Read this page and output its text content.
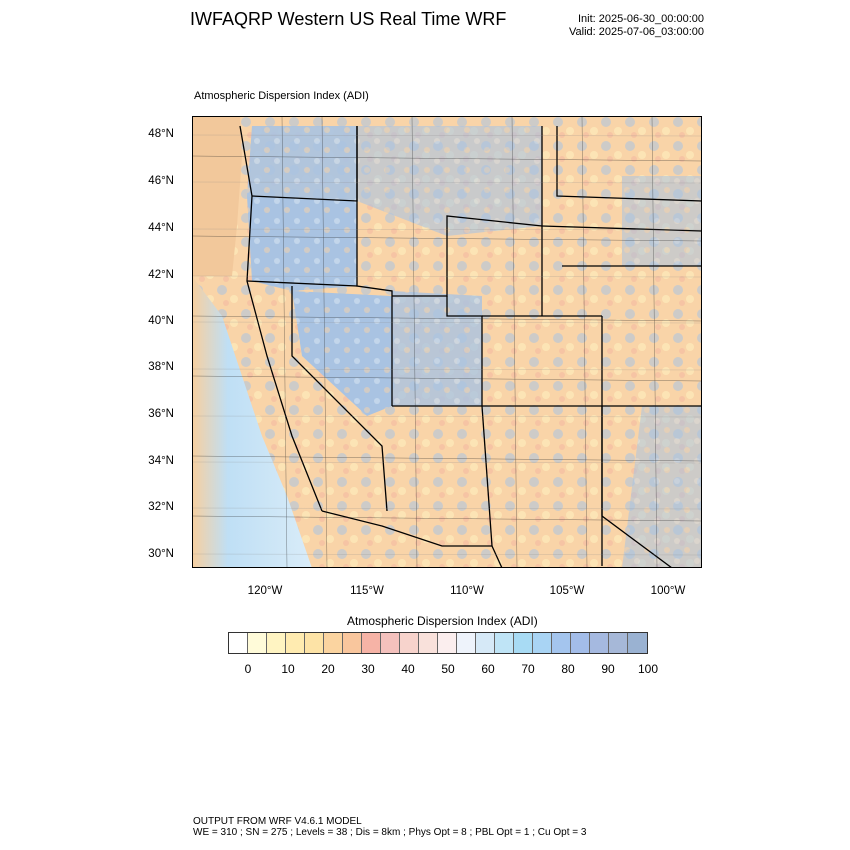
IWFAQRP Western US Real Time WRF	Init: 2025-06-30_00:00:00
Valid: 2025-07-06_03:00:00
Atmospheric Dispersion Index (ADI)
48°N
46°N
44°N
42°N
40°N
38°N
36°N
34°N
32°N
30°N
120°W	115°W	110°W	105°W	100°W
Atmospheric Dispersion Index (ADI)
0	10	20	30	40	50	60	70	80	90	100
OUTPUT FROM WRF V4.6.1 MODEL
WE = 310 ; SN = 275 ; Levels = 38 ; Dis = 8km ; Phys Opt = 8 ; PBL Opt = 1 ; Cu Opt = 3
